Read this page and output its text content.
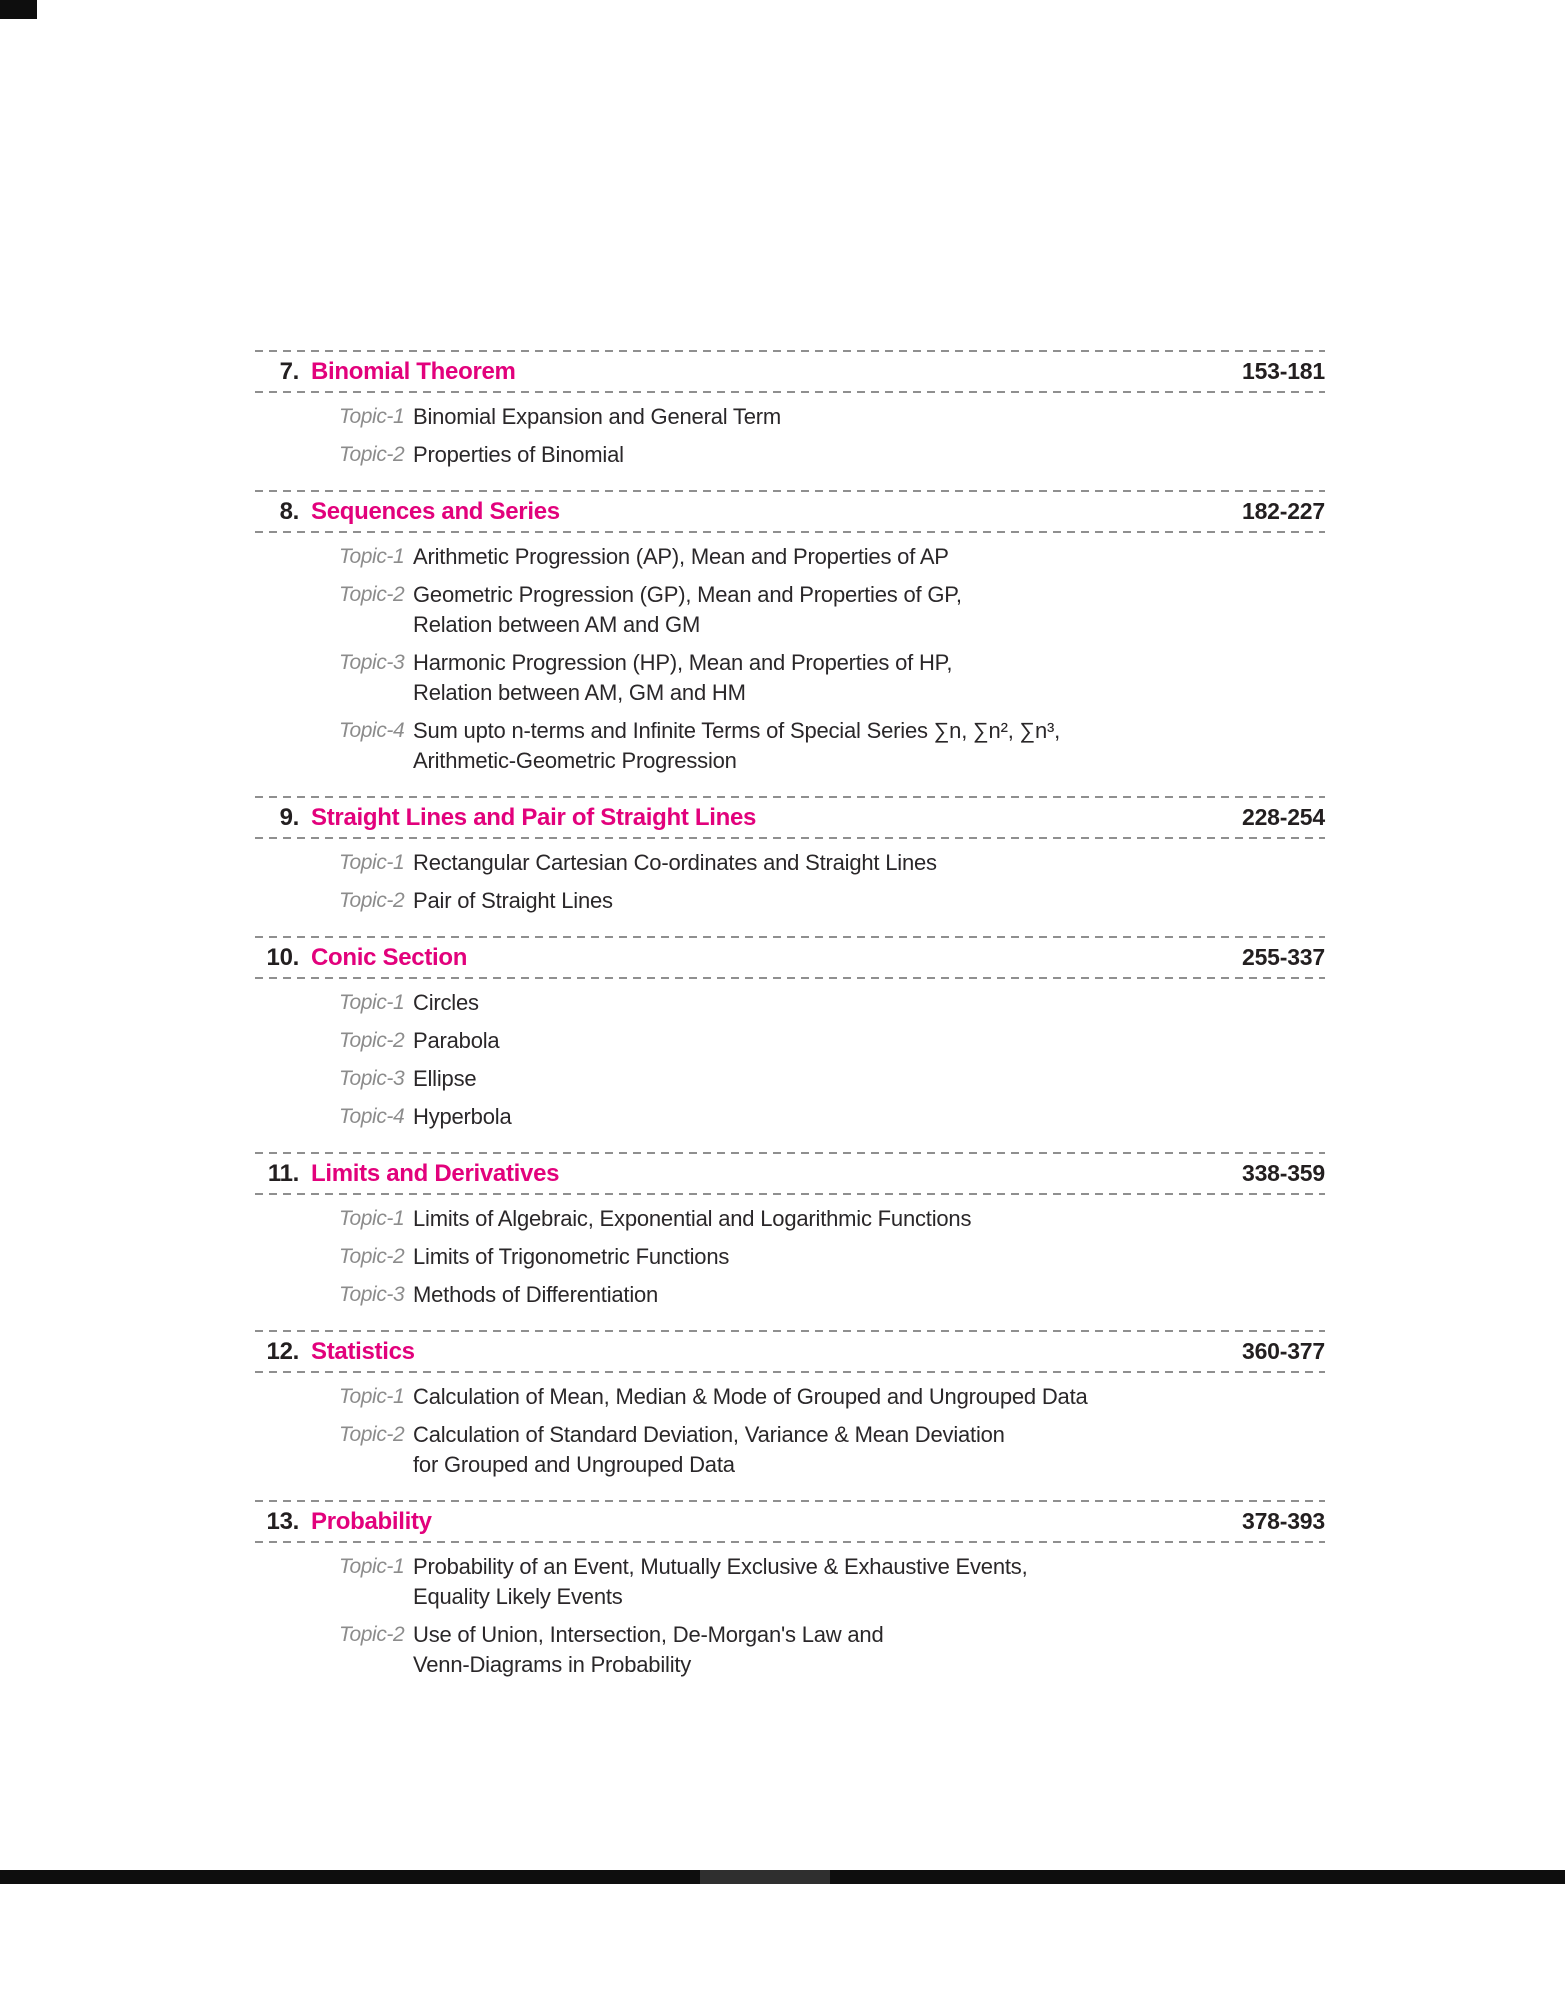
7. Binomial Theorem	153-181
Topic-1 Binomial Expansion and General Term
Topic-2 Properties of Binomial
8. Sequences and Series	182-227
Topic-1 Arithmetic Progression (AP), Mean and Properties of AP
Topic-2 Geometric Progression (GP), Mean and Properties of GP,
Relation between AM and GM
Topic-3 Harmonic Progression (HP), Mean and Properties of HP,
Relation between AM, GM and HM
Topic-4 Sum upto n-terms and Infinite Terms of Special Series ∑n, ∑n², ∑n³,
Arithmetic-Geometric Progression
9. Straight Lines and Pair of Straight Lines	228-254
Topic-1 Rectangular Cartesian Co-ordinates and Straight Lines
Topic-2 Pair of Straight Lines
10. Conic Section	255-337
Topic-1 Circles
Topic-2 Parabola
Topic-3 Ellipse
Topic-4 Hyperbola
11. Limits and Derivatives	338-359
Topic-1 Limits of Algebraic, Exponential and Logarithmic Functions
Topic-2 Limits of Trigonometric Functions
Topic-3 Methods of Differentiation
12. Statistics	360-377
Topic-1 Calculation of Mean, Median & Mode of Grouped and Ungrouped Data
Topic-2 Calculation of Standard Deviation, Variance & Mean Deviation
for Grouped and Ungrouped Data
13. Probability	378-393
Topic-1 Probability of an Event, Mutually Exclusive & Exhaustive Events,
Equality Likely Events
Topic-2 Use of Union, Intersection, De-Morgan's Law and
Venn-Diagrams in Probability
